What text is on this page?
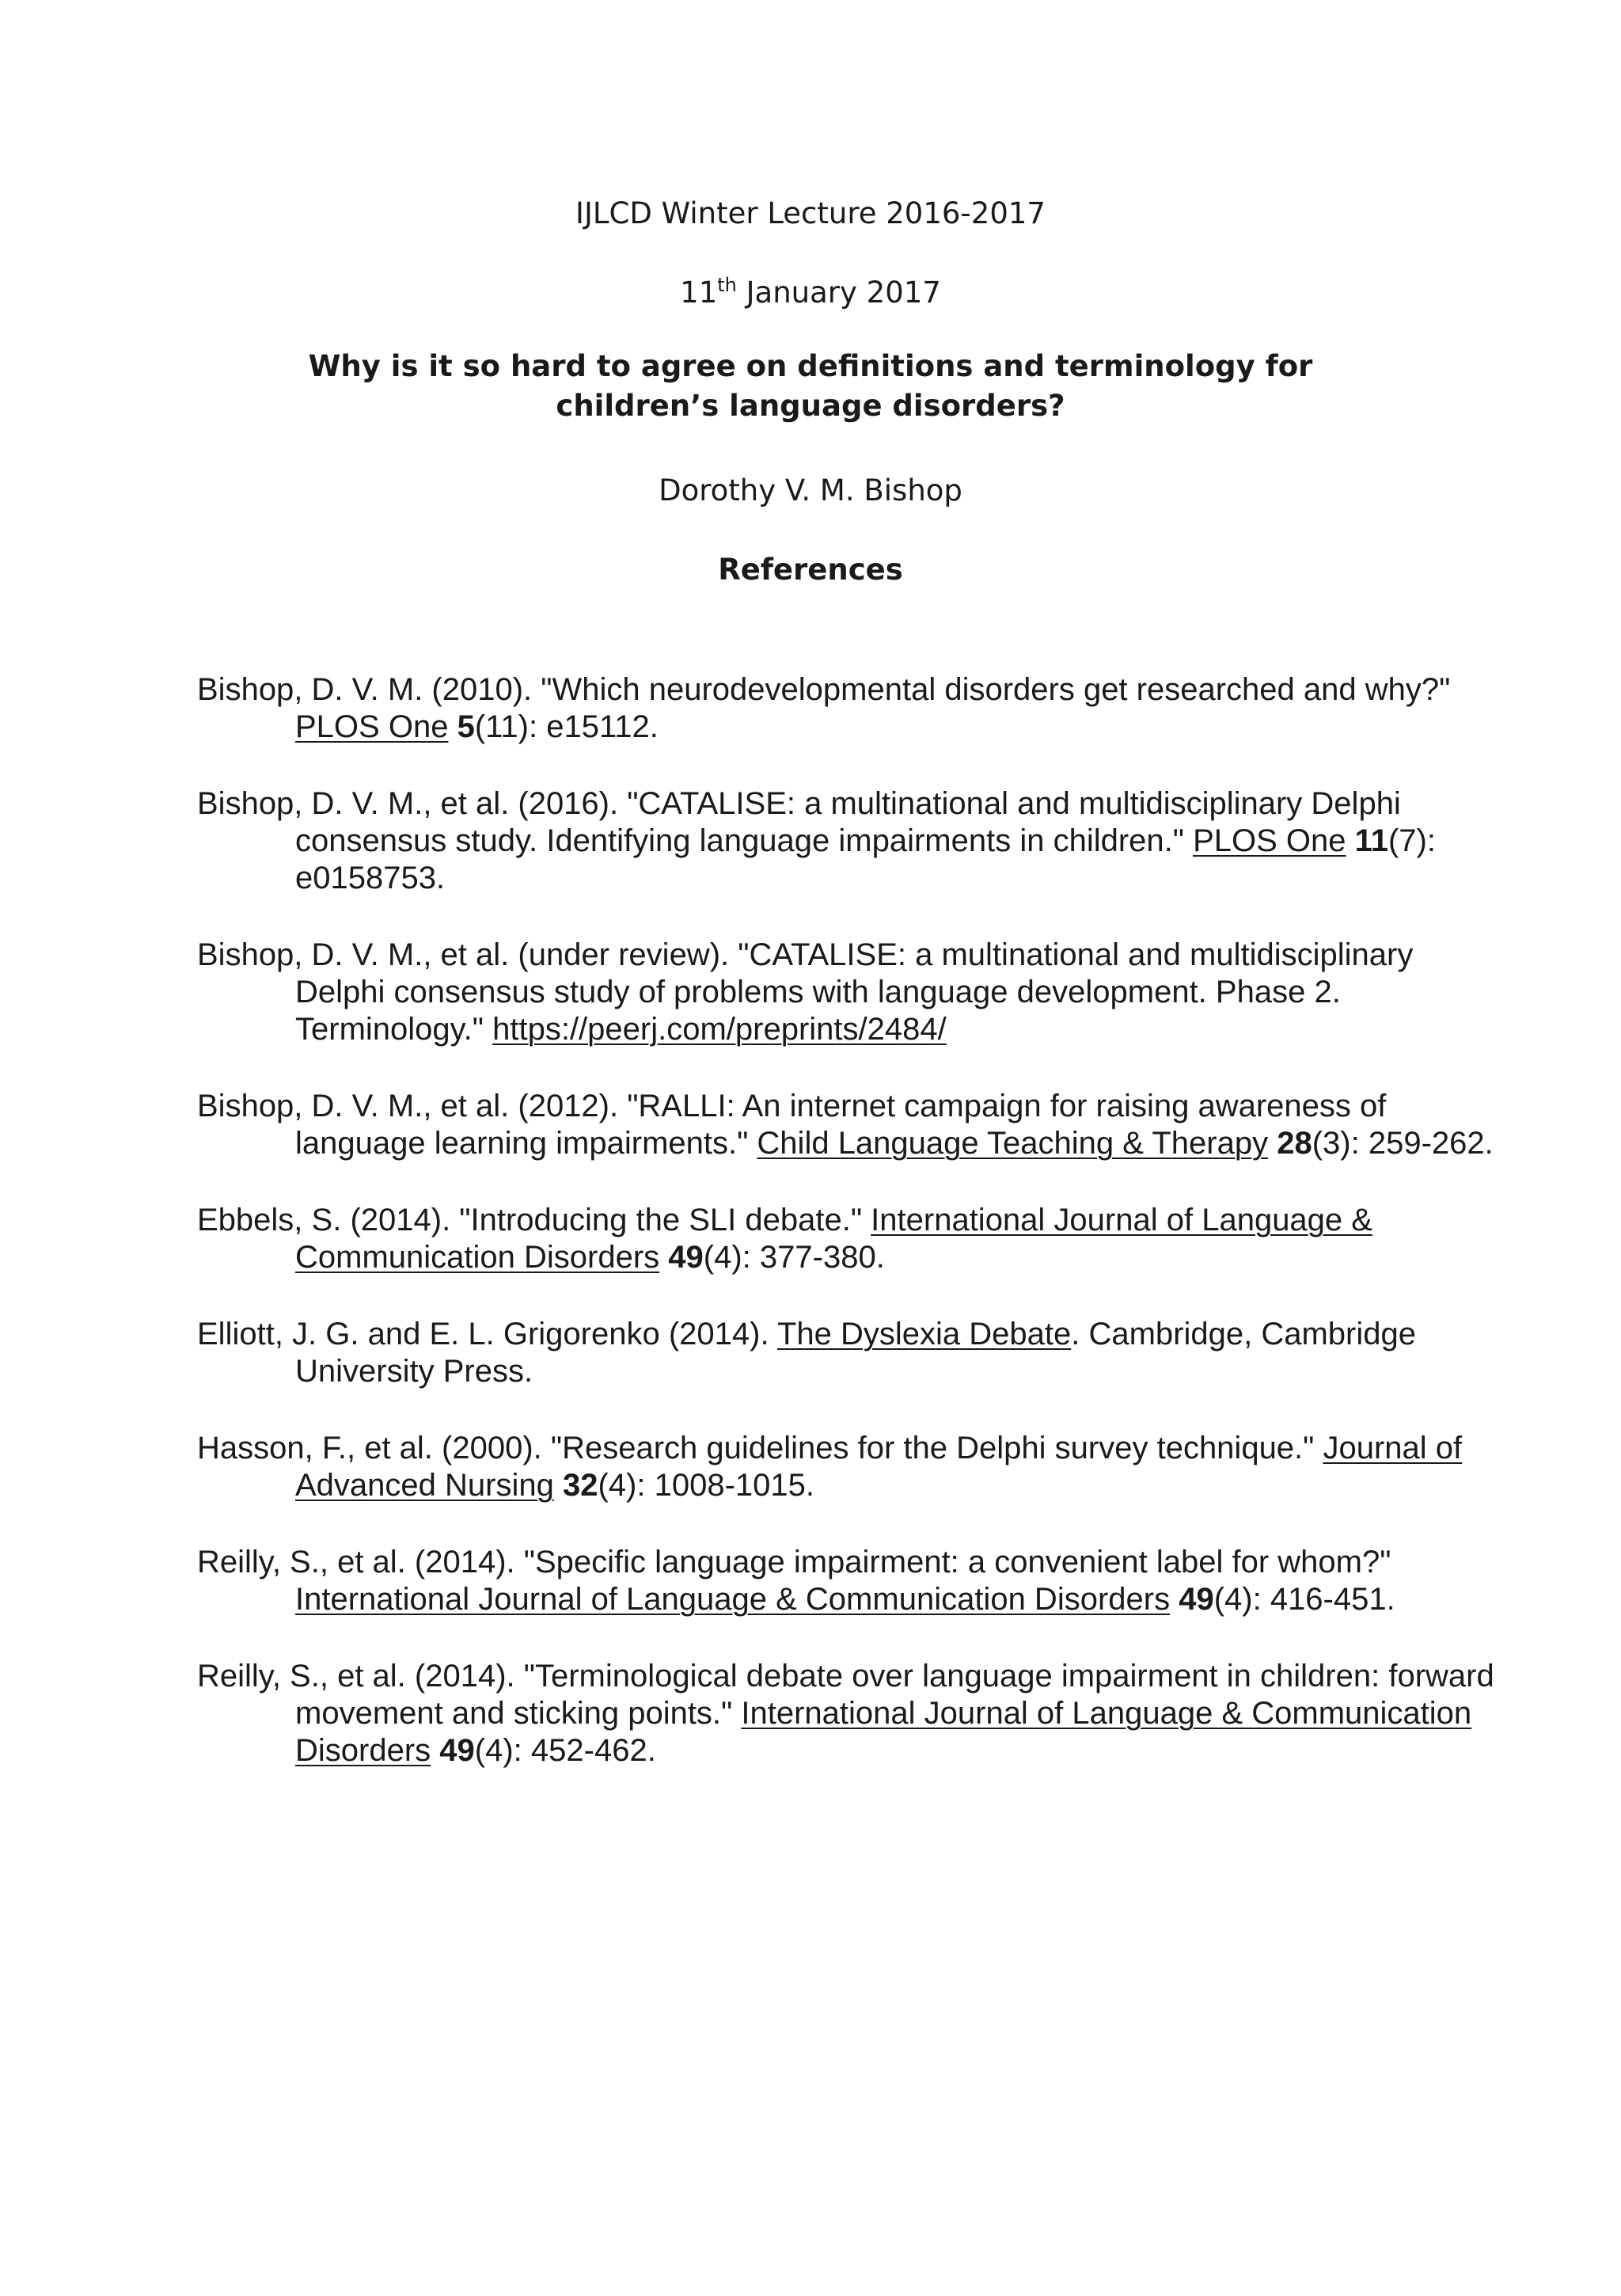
IJLCD Winter Lecture 2016-2017

11th January 2017

Why is it so hard to agree on definitions and terminology for children’s language disorders?

Dorothy V. M. Bishop

References

Bishop, D. V. M. (2010). "Which neurodevelopmental disorders get researched and why?" PLOS One 5(11): e15112.

Bishop, D. V. M., et al. (2016). "CATALISE: a multinational and multidisciplinary Delphi consensus study. Identifying language impairments in children." PLOS One 11(7): e0158753.

Bishop, D. V. M., et al. (under review). "CATALISE: a multinational and multidisciplinary Delphi consensus study of problems with language development. Phase 2. Terminology." https://peerj.com/preprints/2484/

Bishop, D. V. M., et al. (2012). "RALLI: An internet campaign for raising awareness of language learning impairments." Child Language Teaching & Therapy 28(3): 259-262.

Ebbels, S. (2014). "Introducing the SLI debate." International Journal of Language & Communication Disorders 49(4): 377-380.

Elliott, J. G. and E. L. Grigorenko (2014). The Dyslexia Debate. Cambridge, Cambridge University Press.

Hasson, F., et al. (2000). "Research guidelines for the Delphi survey technique." Journal of Advanced Nursing 32(4): 1008-1015.

Reilly, S., et al. (2014). "Specific language impairment: a convenient label for whom?" International Journal of Language & Communication Disorders 49(4): 416-451.

Reilly, S., et al. (2014). "Terminological debate over language impairment in children: forward movement and sticking points." International Journal of Language & Communication Disorders 49(4): 452-462.
